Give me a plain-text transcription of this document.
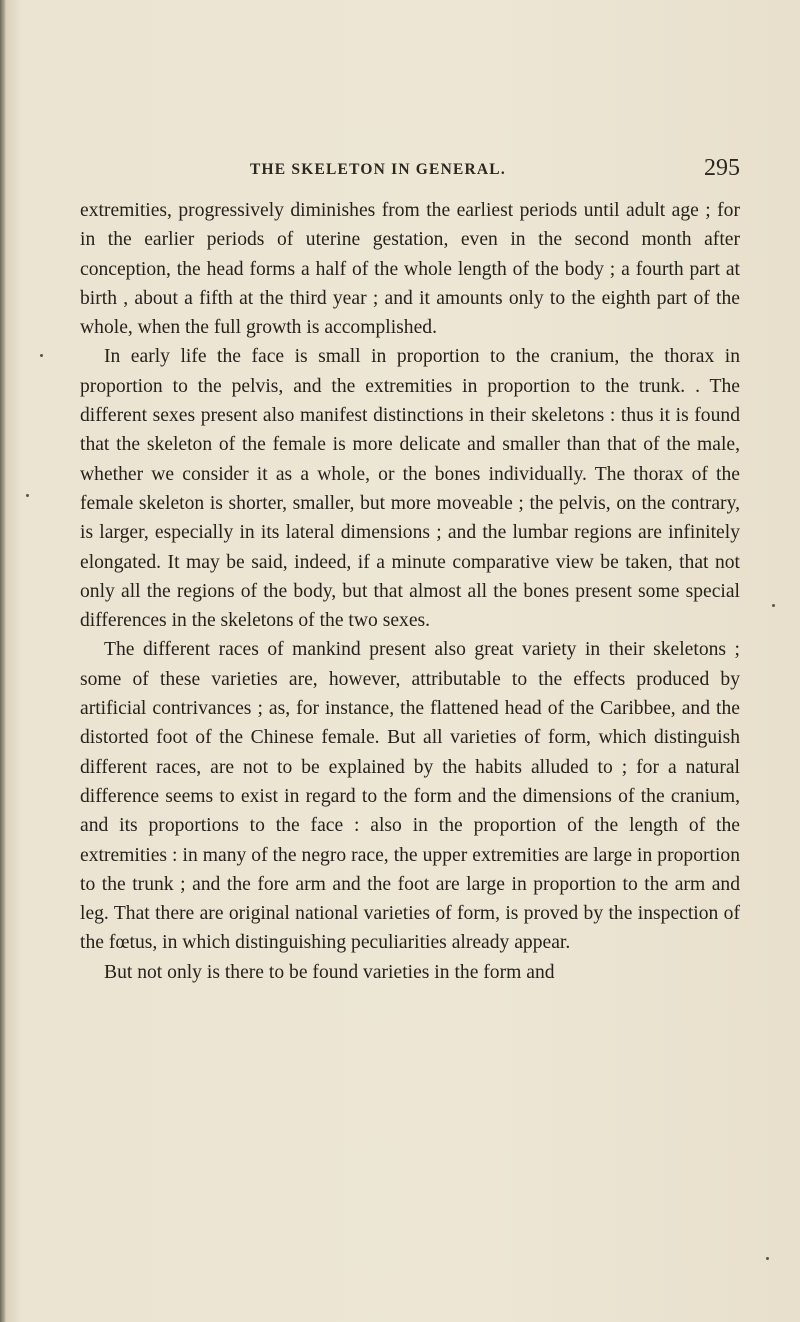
THE SKELETON IN GENERAL.	295

extremities, progressively diminishes from the earliest periods until adult age ; for in the earlier periods of uterine gestation, even in the second month after conception, the head forms a half of the whole length of the body ; a fourth part at birth , about a fifth at the third year ; and it amounts only to the eighth part of the whole, when the full growth is accomplished.

In early life the face is small in proportion to the cranium, the thorax in proportion to the pelvis, and the extremities in proportion to the trunk. . The different sexes present also manifest distinctions in their skeletons : thus it is found that the skeleton of the female is more delicate and smaller than that of the male, whether we consider it as a whole, or the bones individually. The thorax of the female skeleton is shorter, smaller, but more moveable ; the pelvis, on the contrary, is larger, especially in its lateral dimensions ; and the lumbar regions are infinitely elongated. It may be said, indeed, if a minute comparative view be taken, that not only all the regions of the body, but that almost all the bones present some special differences in the skeletons of the two sexes.

The different races of mankind present also great variety in their skeletons ; some of these varieties are, however, attributable to the effects produced by artificial contrivances ; as, for instance, the flattened head of the Caribbee, and the distorted foot of the Chinese female. But all varieties of form, which distinguish different races, are not to be explained by the habits alluded to ; for a natural difference seems to exist in regard to the form and the dimensions of the cranium, and its proportions to the face : also in the proportion of the length of the extremities : in many of the negro race, the upper extremities are large in proportion to the trunk ; and the fore arm and the foot are large in proportion to the arm and leg. That there are original national varieties of form, is proved by the inspection of the fœtus, in which distinguishing peculiarities already appear.

But not only is there to be found varieties in the form and
